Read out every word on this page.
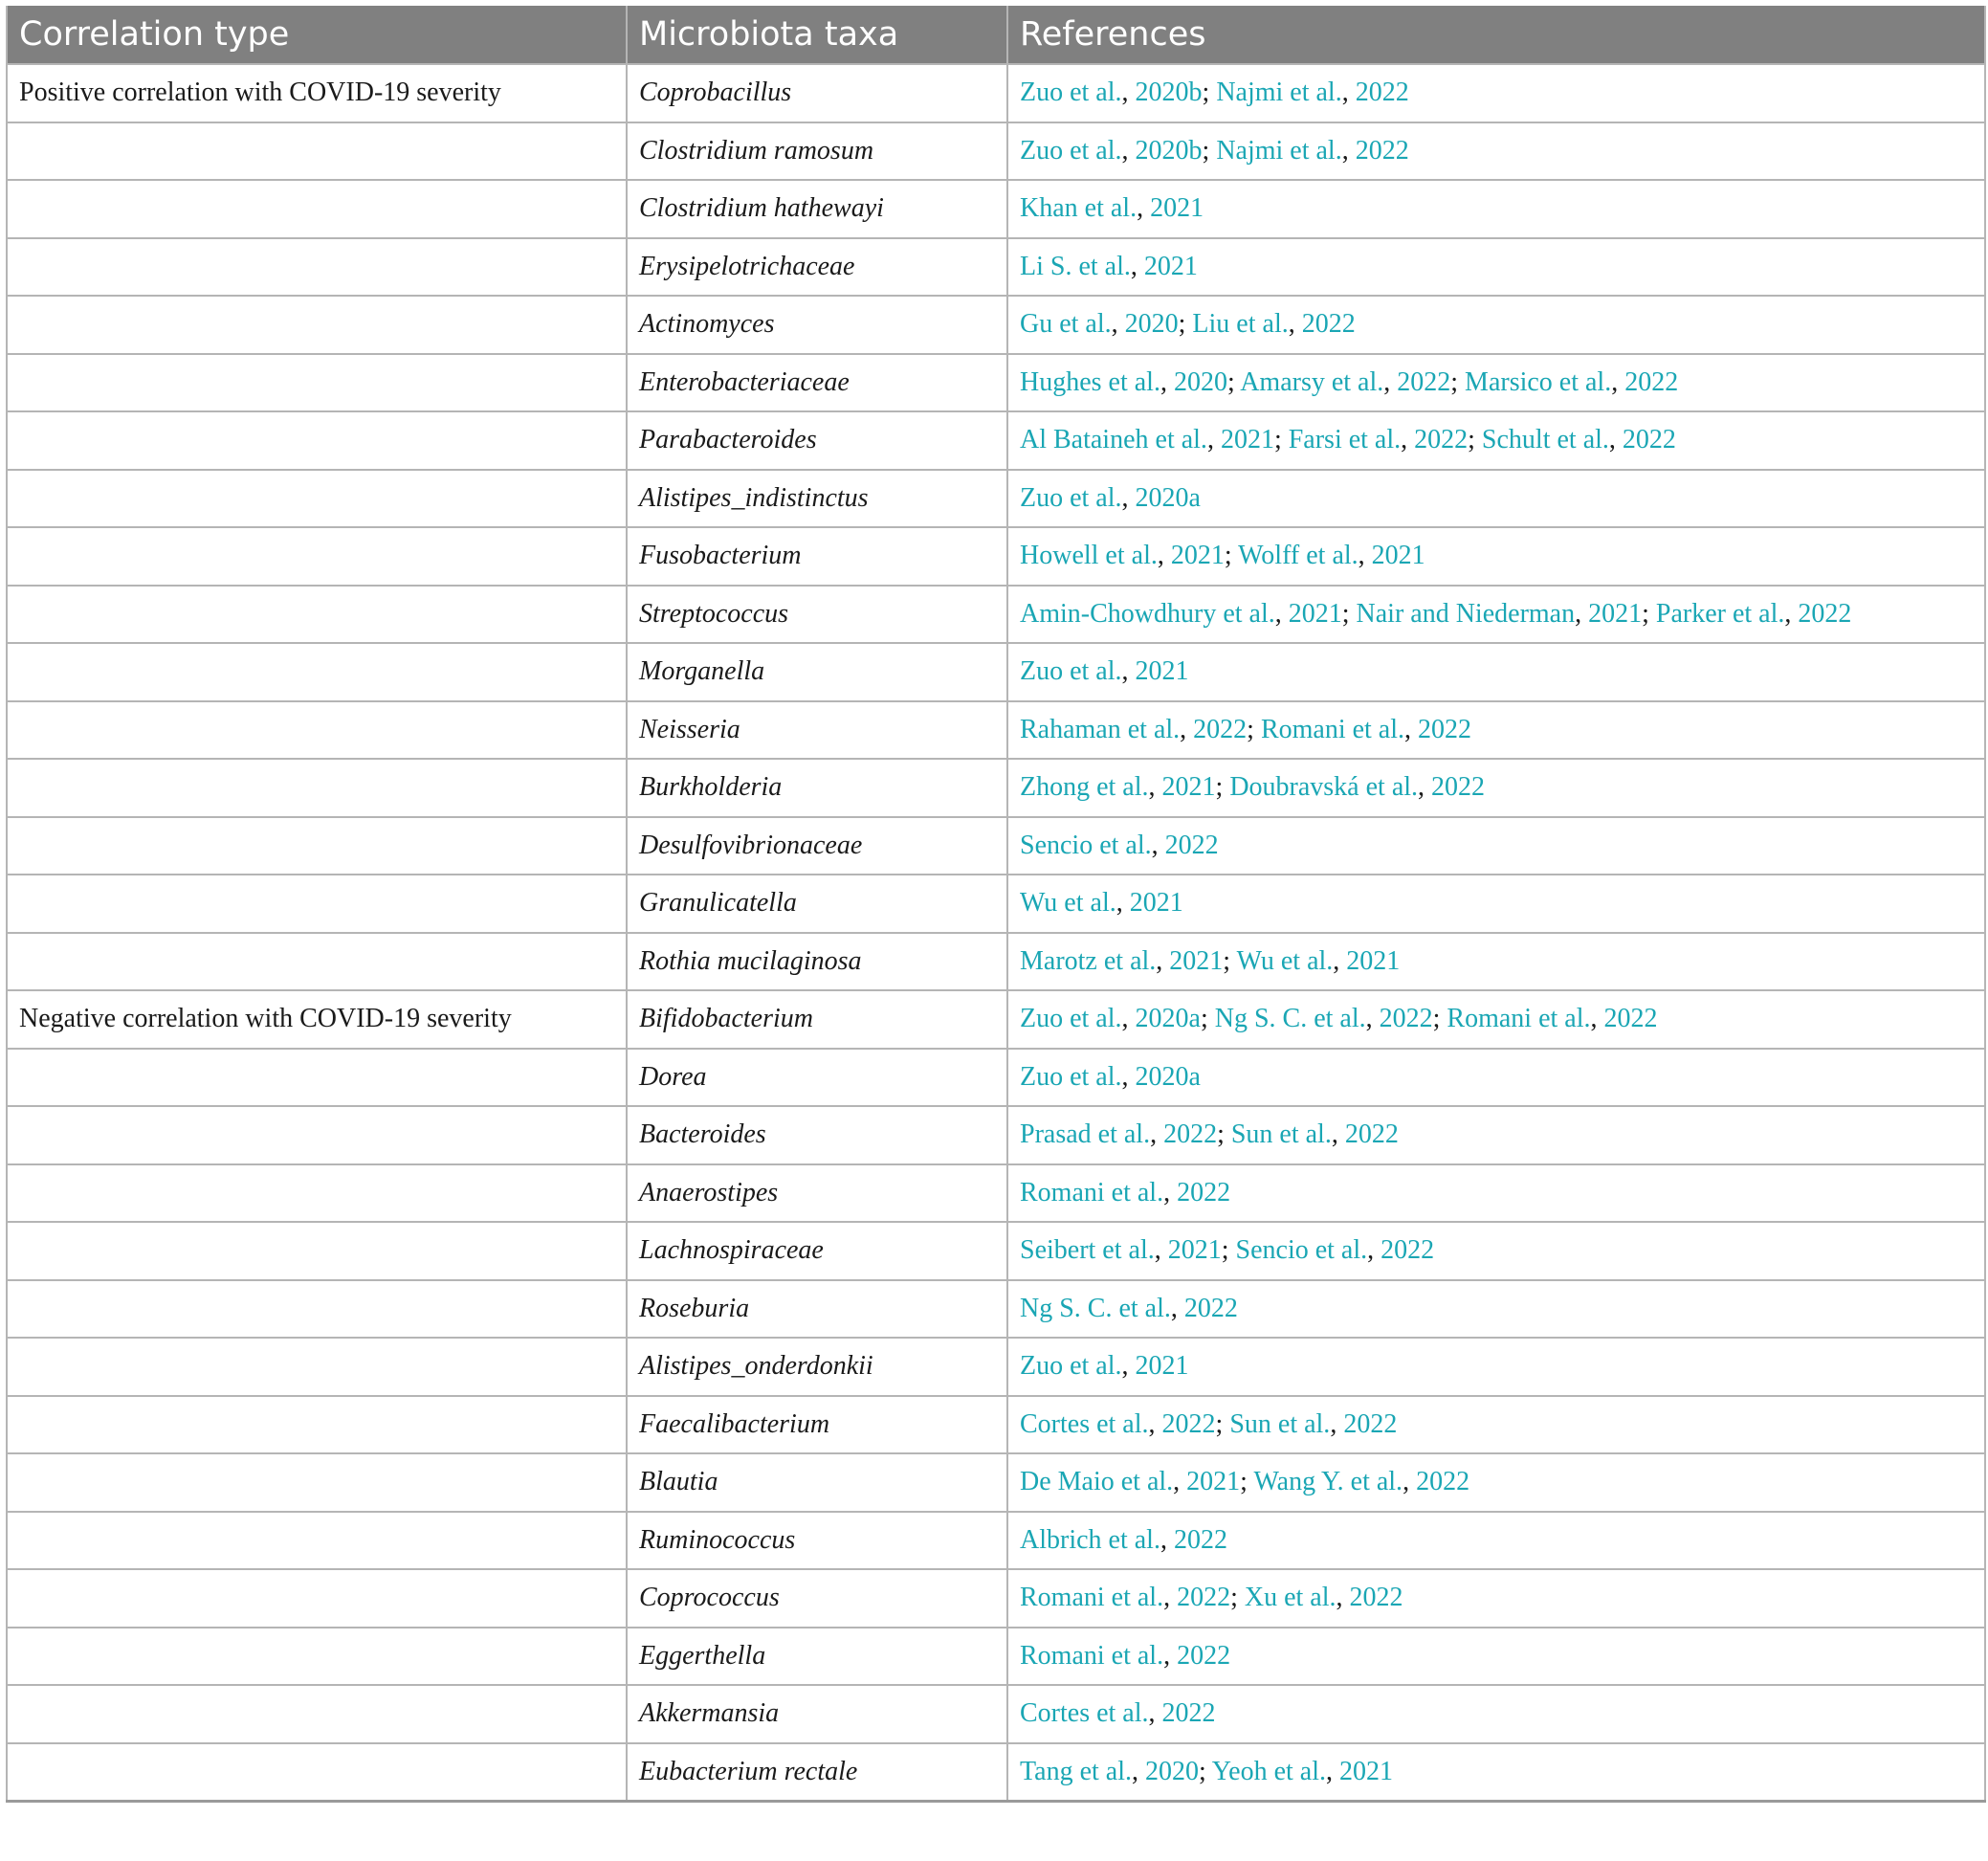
Correlation type	Microbiota taxa	References
Positive correlation with COVID-19 severity	Coprobacillus	Zuo et al., 2020b; Najmi et al., 2022
	Clostridium ramosum	Zuo et al., 2020b; Najmi et al., 2022
	Clostridium hathewayi	Khan et al., 2021
	Erysipelotrichaceae	Li S. et al., 2021
	Actinomyces	Gu et al., 2020; Liu et al., 2022
	Enterobacteriaceae	Hughes et al., 2020; Amarsy et al., 2022; Marsico et al., 2022
	Parabacteroides	Al Bataineh et al., 2021; Farsi et al., 2022; Schult et al., 2022
	Alistipes_indistinctus	Zuo et al., 2020a
	Fusobacterium	Howell et al., 2021; Wolff et al., 2021
	Streptococcus	Amin-Chowdhury et al., 2021; Nair and Niederman, 2021; Parker et al., 2022
	Morganella	Zuo et al., 2021
	Neisseria	Rahaman et al., 2022; Romani et al., 2022
	Burkholderia	Zhong et al., 2021; Doubravská et al., 2022
	Desulfovibrionaceae	Sencio et al., 2022
	Granulicatella	Wu et al., 2021
	Rothia mucilaginosa	Marotz et al., 2021; Wu et al., 2021
Negative correlation with COVID-19 severity	Bifidobacterium	Zuo et al., 2020a; Ng S. C. et al., 2022; Romani et al., 2022
	Dorea	Zuo et al., 2020a
	Bacteroides	Prasad et al., 2022; Sun et al., 2022
	Anaerostipes	Romani et al., 2022
	Lachnospiraceae	Seibert et al., 2021; Sencio et al., 2022
	Roseburia	Ng S. C. et al., 2022
	Alistipes_onderdonkii	Zuo et al., 2021
	Faecalibacterium	Cortes et al., 2022; Sun et al., 2022
	Blautia	De Maio et al., 2021; Wang Y. et al., 2022
	Ruminococcus	Albrich et al., 2022
	Coprococcus	Romani et al., 2022; Xu et al., 2022
	Eggerthella	Romani et al., 2022
	Akkermansia	Cortes et al., 2022
	Eubacterium rectale	Tang et al., 2020; Yeoh et al., 2021
